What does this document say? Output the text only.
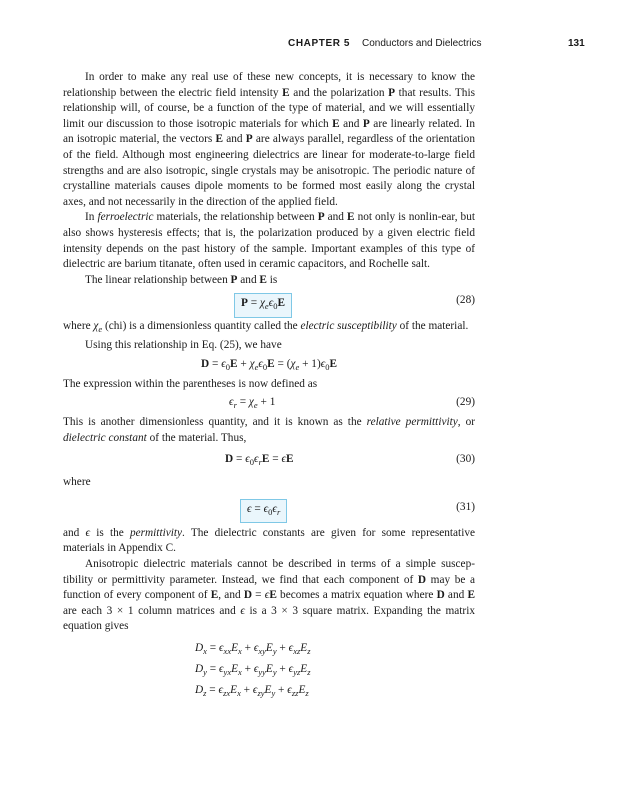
CHAPTER 5 Conductors and Dielectrics	131

In order to make any real use of these new concepts, it is necessary to know the relationship between the electric field intensity E and the polarization P that results. This relationship will, of course, be a function of the type of material, and we will essentially limit our discussion to those isotropic materials for which E and P are linearly related. In an isotropic material, the vectors E and P are always parallel, regardless of the orientation of the field. Although most engineering dielectrics are linear for moderate-to-large field strengths and are also isotropic, single crystals may be anisotropic. The periodic nature of crystalline materials causes dipole moments to be formed most easily along the crystal axes, and not necessarily in the direction of the applied field.

In ferroelectric materials, the relationship between P and E not only is nonlin-ear, but also shows hysteresis effects; that is, the polarization produced by a given electric field intensity depends on the past history of the sample. Important examples of this type of dielectric are barium titanate, often used in ceramic capacitors, and Rochelle salt.

The linear relationship between P and E is

$P = \chi_e\epsilon_0E$	(28)

where $\chi_e$ (chi) is a dimensionless quantity called the electric susceptibility of the material.

Using this relationship in Eq. (25), we have

$D = \epsilon_0E + \chi_e\epsilon_0E = (\chi_e + 1)\epsilon_0E$

The expression within the parentheses is now defined as

$\epsilon_r = \chi_e + 1$	(29)

This is another dimensionless quantity, and it is known as the relative permittivity, or dielectric constant of the material. Thus,

$D = \epsilon_0\epsilon_rE = \epsilon E$	(30)

where

$\epsilon = \epsilon_0\epsilon_r$	(31)

and ϵ is the permittivity. The dielectric constants are given for some representative materials in Appendix C.

Anisotropic dielectric materials cannot be described in terms of a simple suscep-tibility or permittivity parameter. Instead, we find that each component of D may be a function of every component of E, and D = ϵE becomes a matrix equation where D and E are each 3 × 1 column matrices and ϵ is a 3 × 3 square matrix. Expanding the matrix equation gives

$D_x = \epsilon_{xx}E_x + \epsilon_{xy}E_y + \epsilon_{xz}E_z$
$D_y = \epsilon_{yx}E_x + \epsilon_{yy}E_y + \epsilon_{yz}E_z$
$D_z = \epsilon_{zx}E_x + \epsilon_{zy}E_y + \epsilon_{zz}E_z$
